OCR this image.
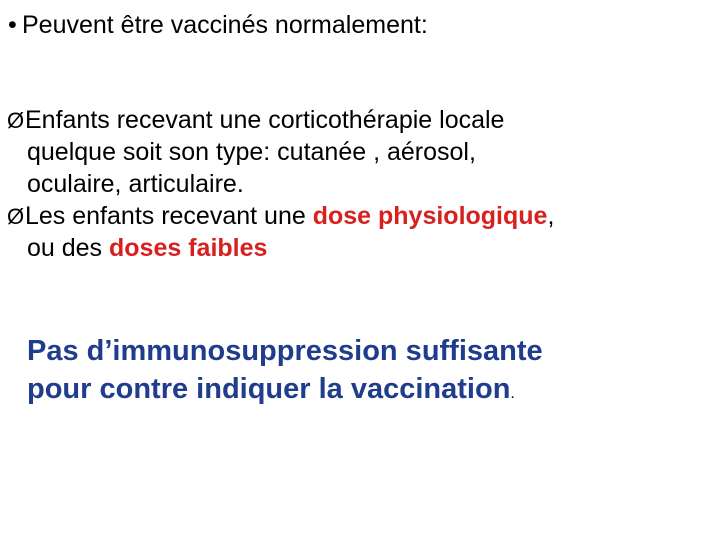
• Peuvent être vaccinés normalement:
ØEnfants recevant une corticothérapie locale
quelque soit son type: cutanée , aérosol,
oculaire, articulaire.
ØLes enfants recevant une dose physiologique,
ou des doses faibles
Pas d’immunosuppression suffisante
pour contre indiquer la vaccination.
